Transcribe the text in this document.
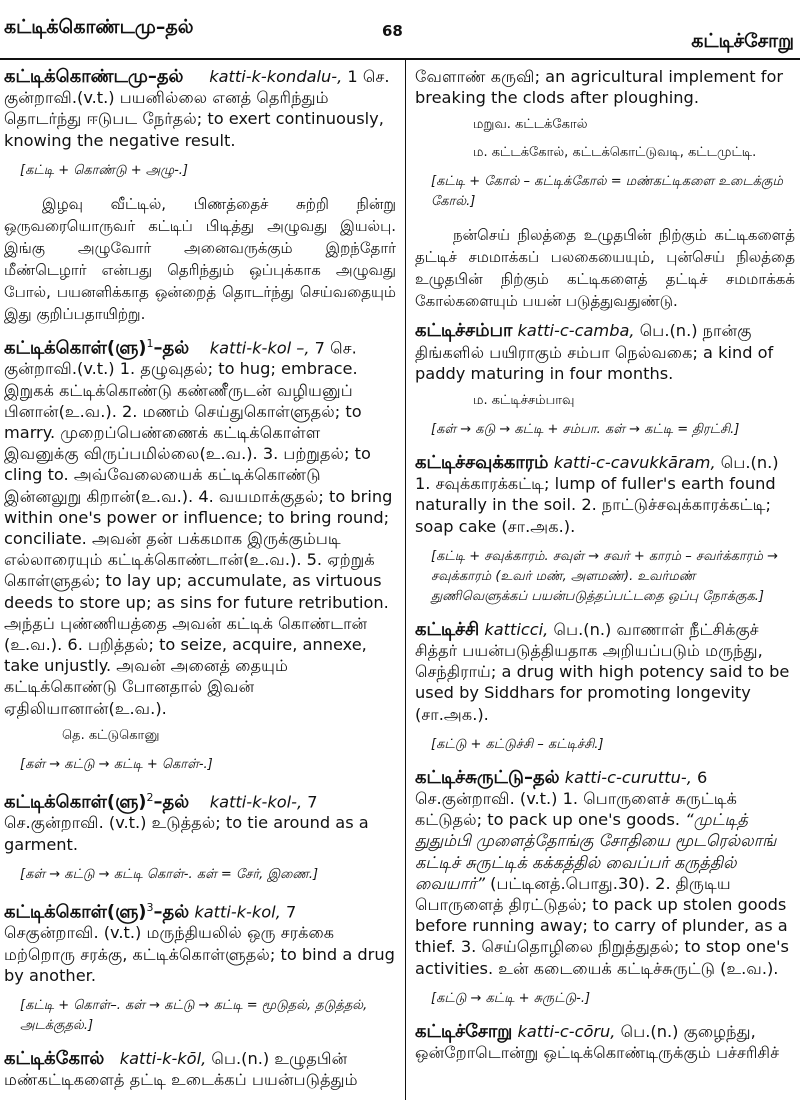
கட்டிக்கொண்டமு–தல்	68	கட்டிச்சோறு
கட்டிக்கொண்டமு–தல் katti-k-kondalu-, 1 செ. குன்றாவி.(v.t.) பயனில்லை எனத் தெரிந்தும் தொடர்ந்து ஈடுபட நேர்தல்; to exert continuously, knowing the negative result.
[கட்டி + கொண்டு + அழு-.]
இழவு வீட்டில், பிணத்தைச் சுற்றி நின்று ஒருவரையொருவர் கட்டிப் பிடித்து அழுவது இயல்பு. இங்கு அழுவோர் அனைவருக்கும் இறந்தோர் மீண்டெழார் என்பது தெரிந்தும் ஒப்புக்காக அழுவது போல், பயனளிக்காத ஒன்றைத் தொடர்ந்து செய்வதையும் இது குறிப்பதாயிற்று.
கட்டிக்கொள்(ளு)$^1$–தல் katti-k-kol –, 7 செ. குன்றாவி.(v.t.) 1. தழுவுதல்; to hug; embrace. இறுகக் கட்டிக்கொண்டு கண்ணீருடன் வழியனுப் பினான்(உ.வ.). 2. மணம் செய்துகொள்ளுதல்; to marry. முறைப்பெண்ணைக் கட்டிக்கொள்ள இவனுக்கு விருப்பமில்லை(உ.வ.). 3. பற்றுதல்; to cling to. அவ்வேலையைக் கட்டிக்கொண்டு இன்னலுறு கிறான்(உ.வ.). 4. வயமாக்குதல்; to bring within one's power or influence; to bring round; conciliate. அவன் தன் பக்கமாக இருக்கும்படி எல்லாரையும் கட்டிக்கொண்டான்(உ.வ.). 5. ஏற்றுக் கொள்ளுதல்; to lay up; accumulate, as virtuous deeds to store up; as sins for future retribution. அந்தப் புண்ணியத்தை அவன் கட்டிக் கொண்டான் (உ.வ.). 6. பறித்தல்; to seize, acquire, annexe, take unjustly. அவன் அனைத் தையும் கட்டிக்கொண்டு போனதால் இவன் ஏதிலியானான்(உ.வ.).
தெ. கட்டுகொனு
[கள் → கட்டு → கட்டி + கொள்-.]
கட்டிக்கொள்(ளு)$^2$–தல் katti-k-kol-, 7 செ.குன்றாவி. (v.t.) உடுத்தல்; to tie around as a garment.
[கள் → கட்டு → கட்டி கொள்-. கள் = சேர், இணை.]
கட்டிக்கொள்(ளு)$^3$–தல் katti-k-kol, 7 செகுன்றாவி. (v.t.) மருந்தியலில் ஒரு சரக்கை மற்றொரு சரக்கு, கட்டிக்கொள்ளுதல்; to bind a drug by another.
[கட்டி + கொள்–. கள் → கட்டு → கட்டி = மூடுதல், தடுத்தல், அடக்குதல்.]
கட்டிக்கோல் katti-k-kōl, பெ.(n.) உழுதபின் மண்கட்டிகளைத் தட்டி உடைக்கப் பயன்படுத்தும்
வேளாண் கருவி; an agricultural implement for breaking the clods after ploughing.
மறுவ. கட்டக்கோல்
ம. கட்டக்கோல், கட்டக்கொட்டுவடி, கட்டமுட்டி.
[கட்டி + கோல் – கட்டிக்கோல் = மண்கட்டிகளை உடைக்கும் கோல்.]
நன்செய் நிலத்தை உழுதபின் நிற்கும் கட்டிகளைத் தட்டிச் சமமாக்கப் பலகையையும், புன்செய் நிலத்தை உழுதபின் நிற்கும் கட்டிகளைத் தட்டிச் சமமாக்கக் கோல்களையும் பயன் படுத்துவதுண்டு.
கட்டிச்சம்பா katti-c-camba, பெ.(n.) நான்கு திங்களில் பயிராகும் சம்பா நெல்வகை; a kind of paddy maturing in four months.
ம. கட்டிச்சம்பாவு
[கள் → கடு → கட்டி + சம்பா. கள் → கட்டி = திரட்சி.]
கட்டிச்சவுக்காரம் katti-c-cavukkāram, பெ.(n.) 1. சவுக்காரக்கட்டி; lump of fuller's earth found naturally in the soil. 2. நாட்டுச்சவுக்காரக்கட்டி; soap cake (சா.அக.).
[கட்டி + சவுக்காரம். சவுள் → சவர் + காரம் – சவர்க்காரம் → சவுக்காரம் (உவர் மண், அளமண்). உவர்மண் துணிவெளுக்கப் பயன்படுத்தப்பட்டதை ஒப்பு நோக்குக.]
கட்டிச்சி katticci, பெ.(n.) வாணாள் நீட்சிக்குச் சித்தர் பயன்படுத்தியதாக அறியப்படும் மருந்து, செந்திராய்; a drug with high potency said to be used by Siddhars for promoting longevity (சா.அக.).
[கட்டு + கட்டுச்சி – கட்டிச்சி.]
கட்டிச்சுருட்டு–தல் katti-c-curuttu-, 6 செ.குன்றாவி. (v.t.) 1. பொருளைச் சுருட்டிக் கட்டுதல்; to pack up one's goods. “முட்டித் துதும்பி முளைத்தோங்கு சோதியை மூடரெல்லாங் கட்டிச் சுருட்டிக் கக்கத்தில் வைப்பர் கருத்தில் வையார்” (பட்டினத்.பொது.30). 2. திருடிய பொருளைத் திரட்டுதல்; to pack up stolen goods before running away; to carry of plunder, as a thief. 3. செய்தொழிலை நிறுத்துதல்; to stop one's activities. உன் கடையைக் கட்டிச்சுருட்டு (உ.வ.).
[கட்டு → கட்டி + சுருட்டு-.]
கட்டிச்சோறு katti-c-cōru, பெ.(n.) குழைந்து, ஒன்றோடொன்று ஒட்டிக்கொண்டிருக்கும் பச்சரிசிச்
